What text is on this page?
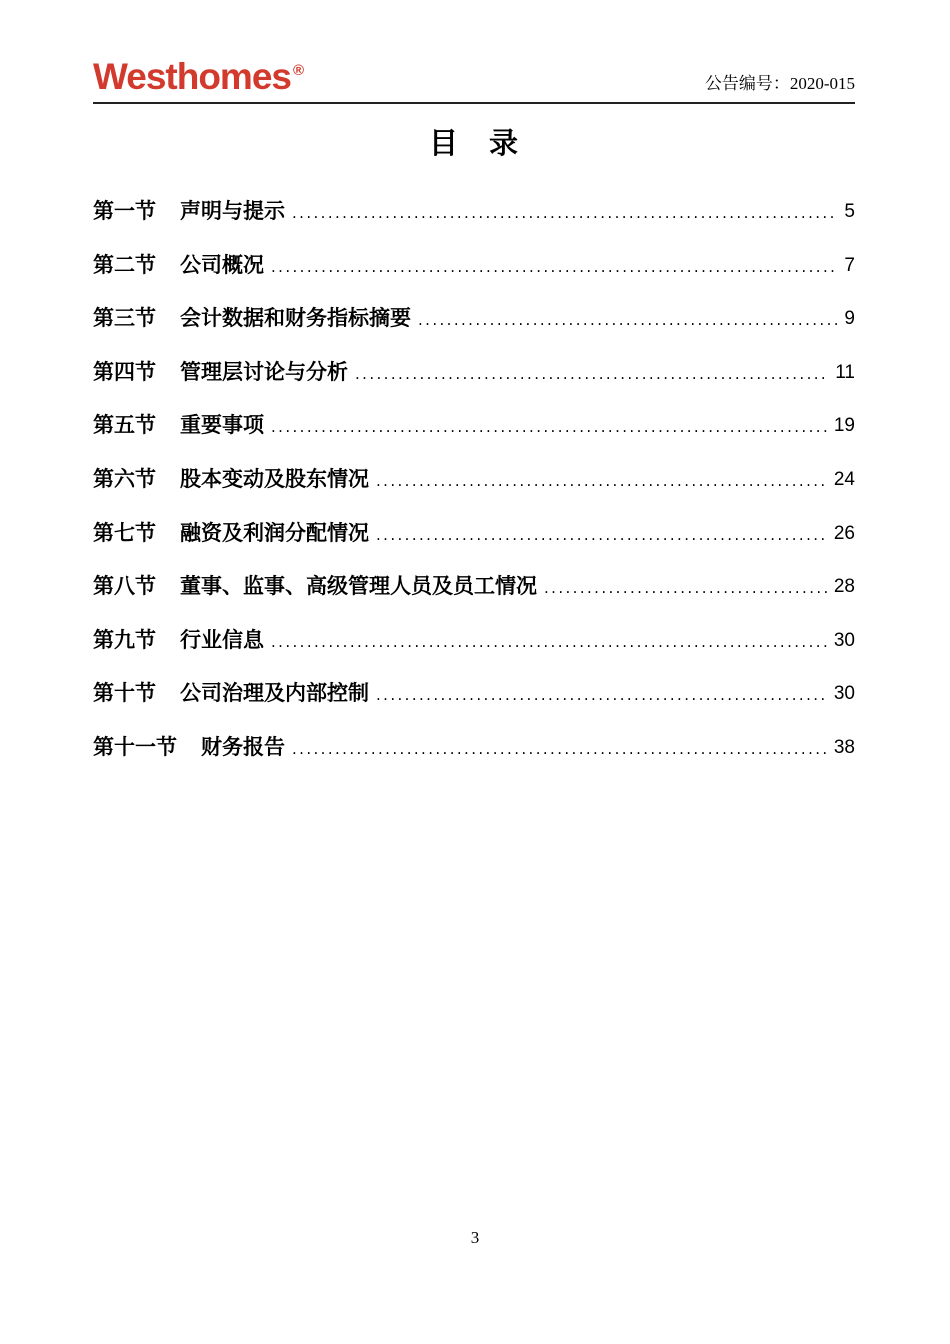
Westhomes ®
公告编号：2020-015
目　录
第一节 声明与提示 .....	5
第二节 公司概况 .....	7
第三节 会计数据和财务指标摘要 .....	9
第四节 管理层讨论与分析 .....	11
第五节 重要事项 .....	19
第六节 股本变动及股东情况 .....	24
第七节 融资及利润分配情况 .....	26
第八节 董事、监事、高级管理人员及员工情况 .....	28
第九节 行业信息 .....	30
第十节 公司治理及内部控制 .....	30
第十一节 财务报告 .....	38
3
